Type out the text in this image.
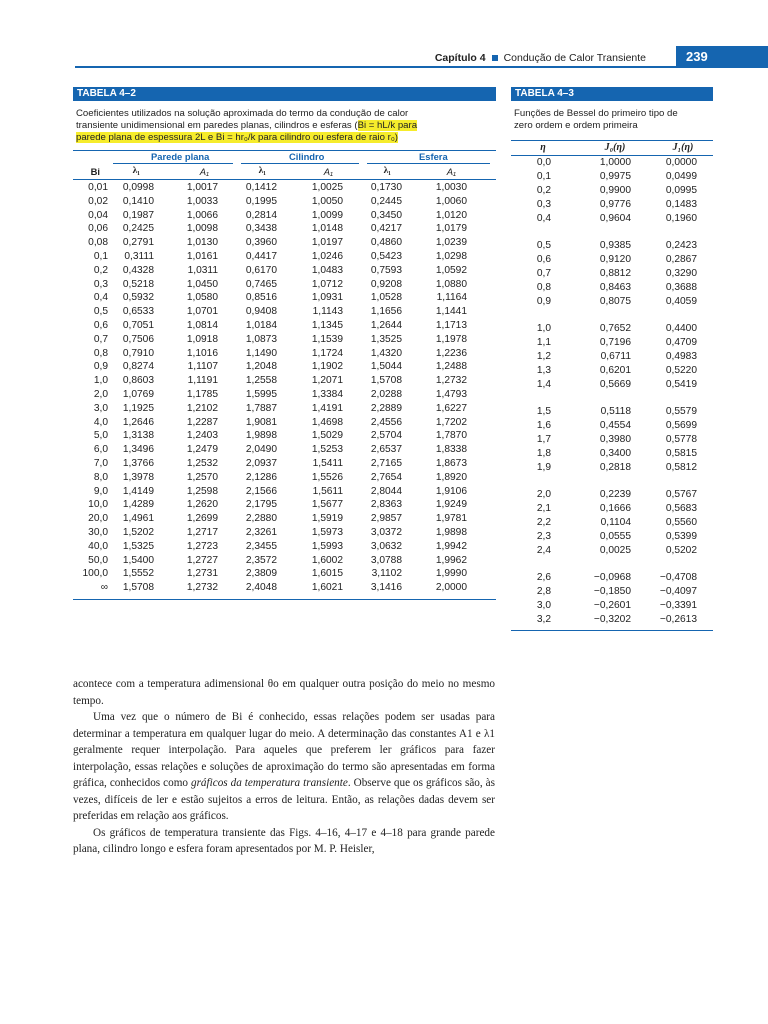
Capítulo 4 Condução de Calor Transiente	239
TABELA 4–2
Coeficientes utilizados na solução aproximada do termo da condução de calor
transiente unidimensional em paredes planas, cilindros e esferas (Bi = hL/k para
parede plana de espessura 2L e Bi = hr₀/k para cilindro ou esfera de raio r₀)
Parede plana	Cilindro	Esfera
Bi	λ₁	A₁	λ₁	A₁	λ₁	A₁
0,01	0,0998	1,0017	0,1412	1,0025	0,1730	1,0030
0,02	0,1410	1,0033	0,1995	1,0050	0,2445	1,0060
0,04	0,1987	1,0066	0,2814	1,0099	0,3450	1,0120
0,06	0,2425	1,0098	0,3438	1,0148	0,4217	1,0179
0,08	0,2791	1,0130	0,3960	1,0197	0,4860	1,0239
0,1	0,3111	1,0161	0,4417	1,0246	0,5423	1,0298
0,2	0,4328	1,0311	0,6170	1,0483	0,7593	1,0592
0,3	0,5218	1,0450	0,7465	1,0712	0,9208	1,0880
0,4	0,5932	1,0580	0,8516	1,0931	1,0528	1,1164
0,5	0,6533	1,0701	0,9408	1,1143	1,1656	1,1441
0,6	0,7051	1,0814	1,0184	1,1345	1,2644	1,1713
0,7	0,7506	1,0918	1,0873	1,1539	1,3525	1,1978
0,8	0,7910	1,1016	1,1490	1,1724	1,4320	1,2236
0,9	0,8274	1,1107	1,2048	1,1902	1,5044	1,2488
1,0	0,8603	1,1191	1,2558	1,2071	1,5708	1,2732
2,0	1,0769	1,1785	1,5995	1,3384	2,0288	1,4793
3,0	1,1925	1,2102	1,7887	1,4191	2,2889	1,6227
4,0	1,2646	1,2287	1,9081	1,4698	2,4556	1,7202
5,0	1,3138	1,2403	1,9898	1,5029	2,5704	1,7870
6,0	1,3496	1,2479	2,0490	1,5253	2,6537	1,8338
7,0	1,3766	1,2532	2,0937	1,5411	2,7165	1,8673
8,0	1,3978	1,2570	2,1286	1,5526	2,7654	1,8920
9,0	1,4149	1,2598	2,1566	1,5611	2,8044	1,9106
10,0	1,4289	1,2620	2,1795	1,5677	2,8363	1,9249
20,0	1,4961	1,2699	2,2880	1,5919	2,9857	1,9781
30,0	1,5202	1,2717	2,3261	1,5973	3,0372	1,9898
40,0	1,5325	1,2723	2,3455	1,5993	3,0632	1,9942
50,0	1,5400	1,2727	2,3572	1,6002	3,0788	1,9962
100,0	1,5552	1,2731	2,3809	1,6015	3,1102	1,9990
∞	1,5708	1,2732	2,4048	1,6021	3,1416	2,0000
TABELA 4–3
Funções de Bessel do primeiro tipo de
zero ordem e ordem primeira
η	J₀(η)	J₁(η)
0,0	1,0000	0,0000
0,1	0,9975	0,0499
0,2	0,9900	0,0995
0,3	0,9776	0,1483
0,4	0,9604	0,1960
0,5	0,9385	0,2423
0,6	0,9120	0,2867
0,7	0,8812	0,3290
0,8	0,8463	0,3688
0,9	0,8075	0,4059
1,0	0,7652	0,4400
1,1	0,7196	0,4709
1,2	0,6711	0,4983
1,3	0,6201	0,5220
1,4	0,5669	0,5419
1,5	0,5118	0,5579
1,6	0,4554	0,5699
1,7	0,3980	0,5778
1,8	0,3400	0,5815
1,9	0,2818	0,5812
2,0	0,2239	0,5767
2,1	0,1666	0,5683
2,2	0,1104	0,5560
2,3	0,0555	0,5399
2,4	0,0025	0,5202
2,6	−0,0968	−0,4708
2,8	−0,1850	−0,4097
3,0	−0,2601	−0,3391
3,2	−0,3202	−0,2613

acontece com a temperatura adimensional θo em qualquer outra posição do meio no mesmo tempo.

Uma vez que o número de Bi é conhecido, essas relações podem ser usadas para determinar a temperatura em qualquer lugar do meio. A determinação das constantes A1 e λ1 geralmente requer interpolação. Para aqueles que preferem ler gráficos para fazer interpolação, essas relações e soluções de aproximação do termo são apresentadas em forma gráfica, conhecidos como gráficos da temperatura transiente. Observe que os gráficos são, às vezes, difíceis de ler e estão sujeitos a erros de leitura. Então, as relações dadas devem ser preferidas em relação aos gráficos.

Os gráficos de temperatura transiente das Figs. 4–16, 4–17 e 4–18 para grande parede plana, cilindro longo e esfera foram apresentados por M. P. Heisler,
